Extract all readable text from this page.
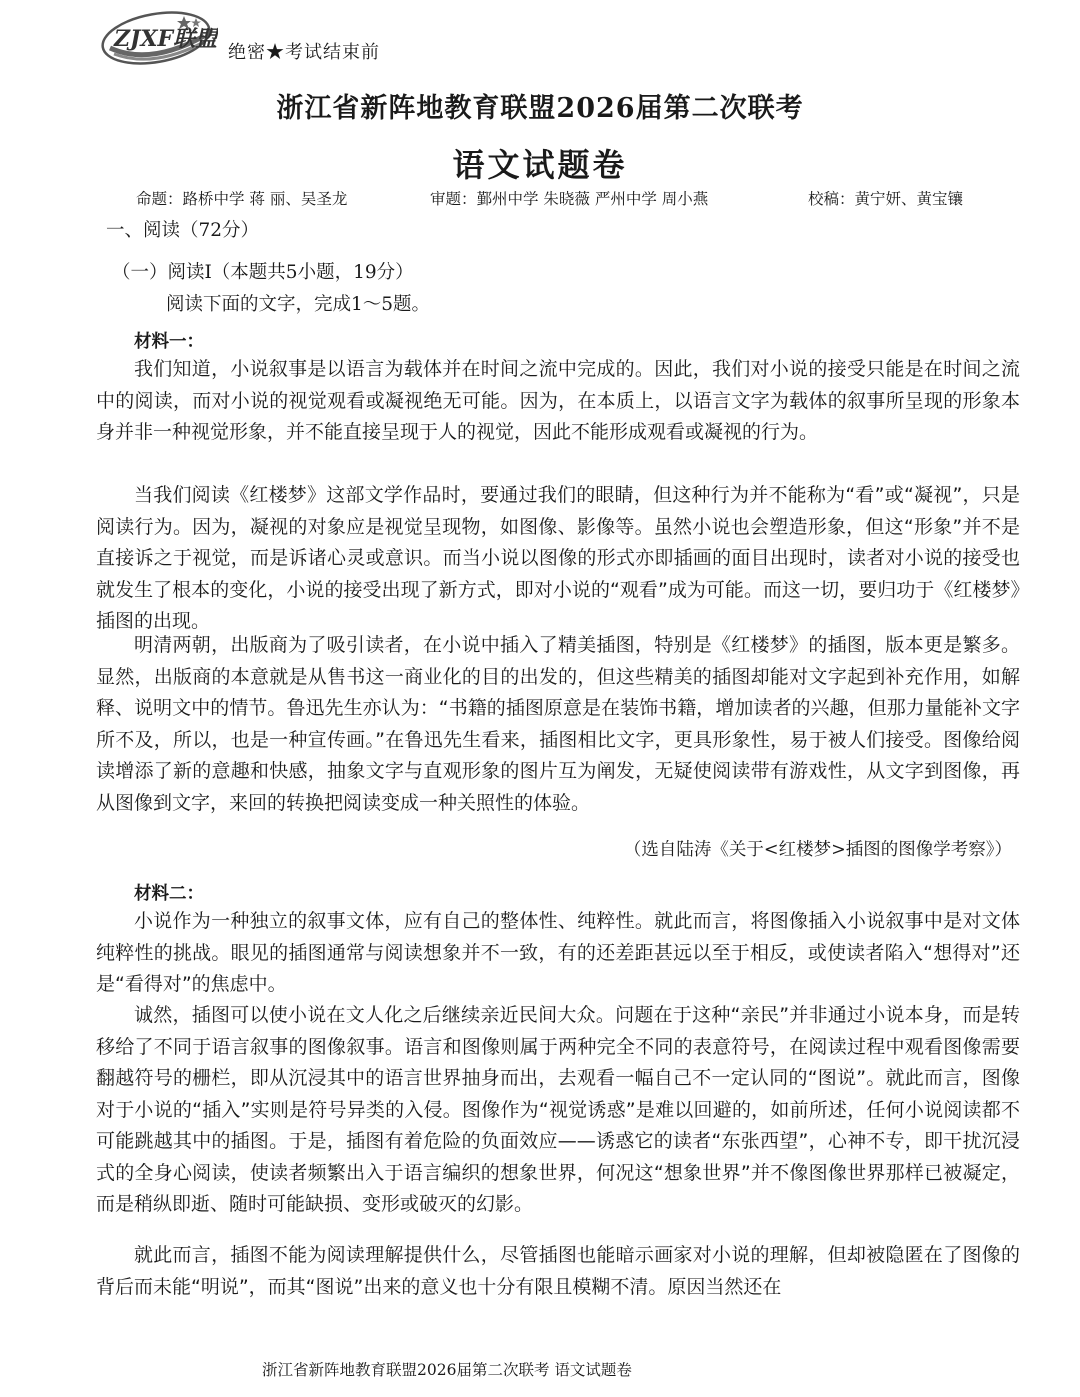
ZJXF联盟
绝密★考试结束前
浙江省新阵地教育联盟2026届第二次联考
语文试题卷
命题：路桥中学 蒋 丽、吴圣龙	审题：鄞州中学 朱晓薇 严州中学 周小燕	校稿：黄宁妍、黄宝镶
一、阅读（72分）
（一）阅读Ⅰ（本题共5小题，19分）
阅读下面的文字，完成1～5题。
材料一：

我们知道，小说叙事是以语言为载体并在时间之流中完成的。因此，我们对小说的接受只能是在时间之流中的阅读，而对小说的视觉观看或凝视绝无可能。因为，在本质上，以语言文字为载体的叙事所呈现的形象本身并非一种视觉形象，并不能直接呈现于人的视觉，因此不能形成观看或凝视的行为。

当我们阅读《红楼梦》这部文学作品时，要通过我们的眼睛，但这种行为并不能称为“看”或“凝视”，只是阅读行为。因为，凝视的对象应是视觉呈现物，如图像、影像等。虽然小说也会塑造形象，但这“形象”并不是直接诉之于视觉，而是诉诸心灵或意识。而当小说以图像的形式亦即插画的面目出现时，读者对小说的接受也就发生了根本的变化，小说的接受出现了新方式，即对小说的“观看”成为可能。而这一切，要归功于《红楼梦》插图的出现。

明清两朝，出版商为了吸引读者，在小说中插入了精美插图，特别是《红楼梦》的插图，版本更是繁多。显然，出版商的本意就是从售书这一商业化的目的出发的，但这些精美的插图却能对文字起到补充作用，如解释、说明文中的情节。鲁迅先生亦认为：“书籍的插图原意是在装饰书籍，增加读者的兴趣，但那力量能补文字所不及，所以，也是一种宣传画。”在鲁迅先生看来，插图相比文字，更具形象性，易于被人们接受。图像给阅读增添了新的意趣和快感，抽象文字与直观形象的图片互为阐发，无疑使阅读带有游戏性，从文字到图像，再从图像到文字，来回的转换把阅读变成一种关照性的体验。

（选自陆涛《关于<红楼梦>插图的图像学考察》）
材料二：

小说作为一种独立的叙事文体，应有自己的整体性、纯粹性。就此而言，将图像插入小说叙事中是对文体纯粹性的挑战。眼见的插图通常与阅读想象并不一致，有的还差距甚远以至于相反，或使读者陷入“想得对”还是“看得对”的焦虑中。

诚然，插图可以使小说在文人化之后继续亲近民间大众。问题在于这种“亲民”并非通过小说本身，而是转移给了不同于语言叙事的图像叙事。语言和图像则属于两种完全不同的表意符号，在阅读过程中观看图像需要翻越符号的栅栏，即从沉浸其中的语言世界抽身而出，去观看一幅自己不一定认同的“图说”。就此而言，图像对于小说的“插入”实则是符号异类的入侵。图像作为“视觉诱惑”是难以回避的，如前所述，任何小说阅读都不可能跳越其中的插图。于是，插图有着危险的负面效应——诱惑它的读者“东张西望”，心神不专，即干扰沉浸式的全身心阅读，使读者频繁出入于语言编织的想象世界，何况这“想象世界”并不像图像世界那样已被凝定，而是稍纵即逝、随时可能缺损、变形或破灭的幻影。

就此而言，插图不能为阅读理解提供什么，尽管插图也能暗示画家对小说的理解，但却被隐匿在了图像的背后而未能“明说”，而其“图说”出来的意义也十分有限且模糊不清。原因当然还在

浙江省新阵地教育联盟2026届第二次联考 语文试题卷
